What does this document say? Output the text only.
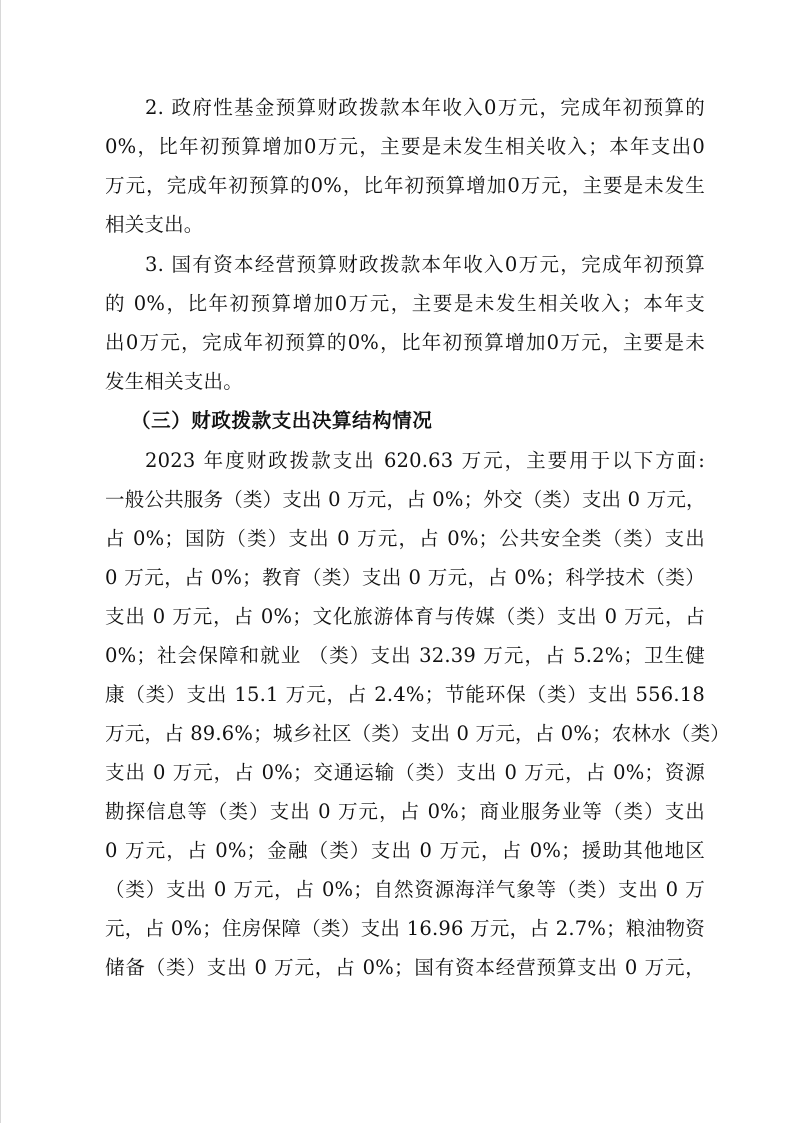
2. 政府性基金预算财政拨款本年收入0万元，完成年初预算的
0%，比年初预算增加0万元，主要是未发生相关收入；本年支出0
万元，完成年初预算的0%，比年初预算增加0万元，主要是未发生
相关支出。
3. 国有资本经营预算财政拨款本年收入0万元，完成年初预算
的 0%，比年初预算增加0万元，主要是未发生相关收入；本年支
出0万元，完成年初预算的0%，比年初预算增加0万元，主要是未
发生相关支出。
（三）财政拨款支出决算结构情况
2023 年度财政拨款支出 620.63 万元，主要用于以下方面:
一般公共服务（类）支出 0 万元，占 0%；外交（类）支出 0 万元，
占 0%；国防（类）支出 0 万元，占 0%；公共安全类（类）支出
0 万元，占 0%；教育（类）支出 0 万元，占 0%；科学技术（类）
支出 0 万元，占 0%；文化旅游体育与传媒（类）支出 0 万元，占
0%；社会保障和就业 （类）支出 32.39 万元，占 5.2%；卫生健
康（类）支出 15.1 万元，占 2.4%；节能环保（类）支出 556.18
万元，占 89.6%；城乡社区（类）支出 0 万元，占 0%；农林水（类）
支出 0 万元，占 0%；交通运输（类）支出 0 万元，占 0%；资源
勘探信息等（类）支出 0 万元，占 0%；商业服务业等（类）支出
0 万元，占 0%；金融（类）支出 0 万元，占 0%；援助其他地区
（类）支出 0 万元，占 0%；自然资源海洋气象等（类）支出 0 万
元，占 0%；住房保障（类）支出 16.96 万元，占 2.7%；粮油物资
储备（类）支出 0 万元，占 0%；国有资本经营预算支出 0 万元，
